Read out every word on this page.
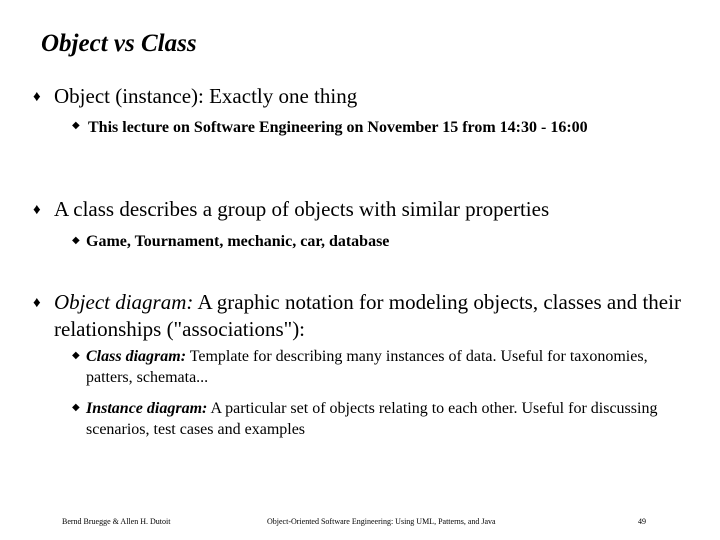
Object vs Class
♦ Object (instance): Exactly one thing
◆ This lecture on Software Engineering on November 15 from 14:30 - 16:00
♦ A class describes a group of objects with similar properties
◆ Game, Tournament, mechanic, car, database
♦ Object diagram: A graphic notation for modeling objects, classes and their relationships ("associations"):
◆ Class diagram: Template for describing many instances of data. Useful for taxonomies, patters, schemata...
◆ Instance diagram: A particular set of objects relating to each other. Useful for discussing scenarios, test cases and examples
Bernd Bruegge & Allen H. Dutoit	Object-Oriented Software Engineering: Using UML, Patterns, and Java	49
